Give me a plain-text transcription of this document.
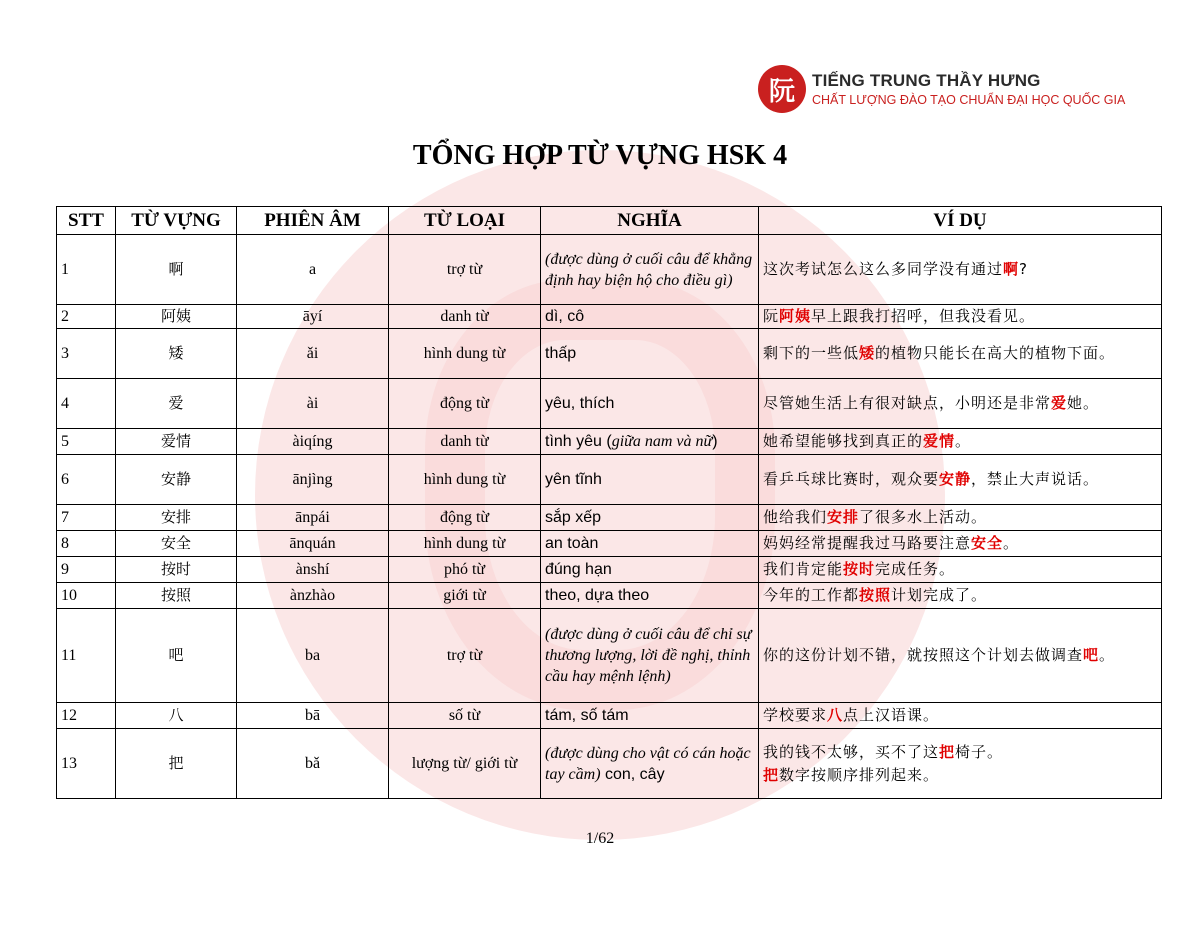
阮	TIẾNG TRUNG THẦY HƯNG
CHẤT LƯỢNG ĐÀO TẠO CHUẨN ĐẠI HỌC QUỐC GIA
TỔNG HỢP TỪ VỰNG HSK 4
STT	TỪ VỰNG	PHIÊN ÂM	TỪ LOẠI	NGHĨA	VÍ DỤ
1	啊	a	trợ từ	(được dùng ở cuối câu để khẳng định hay biện hộ cho điều gì)	这次考试怎么这么多同学没有通过啊?
2	阿姨	āyí	danh từ	dì, cô	阮阿姨早上跟我打招呼，但我没看见。
3	矮	ǎi	hình dung từ	thấp	剩下的一些低矮的植物只能长在高大的植物下面。
4	爱	ài	động từ	yêu, thích	尽管她生活上有很对缺点，小明还是非常爱她。
5	爱情	àiqíng	danh từ	tình yêu (giữa nam và nữ)	她希望能够找到真正的爱情。
6	安静	ānjìng	hình dung từ	yên tĩnh	看乒乓球比赛时，观众要安静，禁止大声说话。
7	安排	ānpái	động từ	sắp xếp	他给我们安排了很多水上活动。
8	安全	ānquán	hình dung từ	an toàn	妈妈经常提醒我过马路要注意安全。
9	按时	ànshí	phó từ	đúng hạn	我们肯定能按时完成任务。
10	按照	ànzhào	giới từ	theo, dựa theo	今年的工作都按照计划完成了。
11	吧	ba	trợ từ	(được dùng ở cuối câu để chỉ sự thương lượng, lời đề nghị, thỉnh cầu hay mệnh lệnh)	你的这份计划不错，就按照这个计划去做调查吧。
12	八	bā	số từ	tám, số tám	学校要求八点上汉语课。
13	把	bǎ	lượng từ/ giới từ	(được dùng cho vật có cán hoặc tay cầm) con, cây	我的钱不太够，买不了这把椅子。
把数字按顺序排列起来。
1/62
